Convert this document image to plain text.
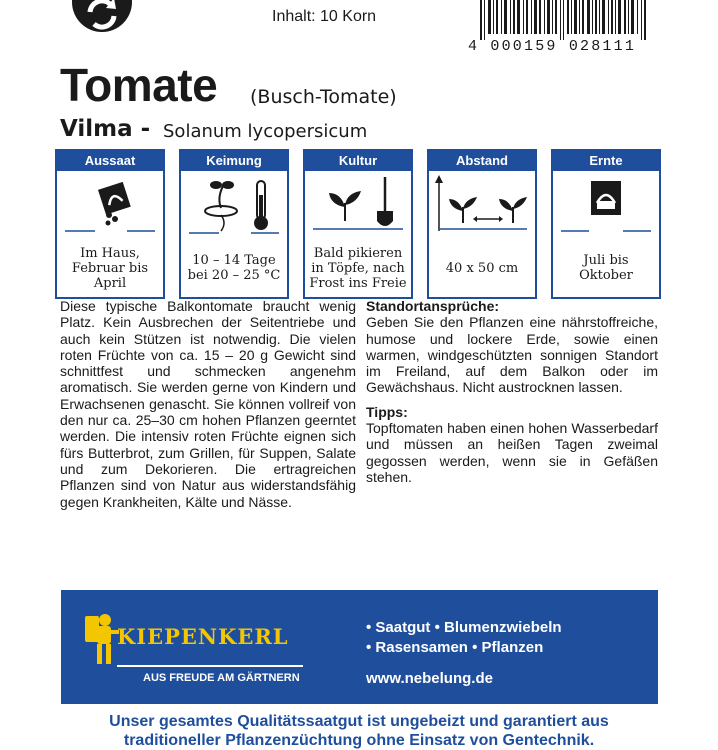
Inhalt: 10 Korn
4 000159 028111
Tomate (Busch-Tomate)
Vilma - Solanum lycopersicum
Aussaat
Im Haus, Februar bis April
Keimung
10 – 14 Tage bei 20 – 25 °C
Kultur
Bald pikieren in Töpfe, nach Frost ins Freie
Abstand
40 x 50 cm
Ernte
Juli bis Oktober
Diese typische Balkontomate braucht wenig Platz. Kein Ausbrechen der Seitentriebe und auch kein Stützen ist notwendig. Die vielen roten Früchte von ca. 15 – 20 g Gewicht sind schnittfest und schmecken angenehm aromatisch. Sie werden gerne von Kindern und Erwachsenen genascht. Sie können vollreif von den nur ca. 25–30 cm hohen Pflanzen geerntet werden. Die intensiv roten Früchte eignen sich fürs Butterbrot, zum Grillen, für Suppen, Salate und zum Dekorieren. Die ertragreichen Pflanzen sind von Natur aus widerstandsfähig gegen Krankheiten, Kälte und Nässe.
Standortansprüche:

Geben Sie den Pflanzen eine nährstoffreiche, humose und lockere Erde, sowie einen warmen, windgeschützten sonnigen Standort im Freiland, auf dem Balkon oder im Gewächshaus. Nicht austrocknen lassen.

Tipps:

Topftomaten haben einen hohen Wasserbedarf und müssen an heißen Tagen zweimal gegossen werden, wenn sie in Gefäßen stehen.

KIEPENKERL
AUS FREUDE AM GÄRTNERN
• Saatgut • Blumenzwiebeln
• Rasensamen • Pflanzen
www.nebelung.de
Unser gesamtes Qualitätssaatgut ist ungebeizt und garantiert aus
traditioneller Pflanzenzüchtung ohne Einsatz von Gentechnik.
